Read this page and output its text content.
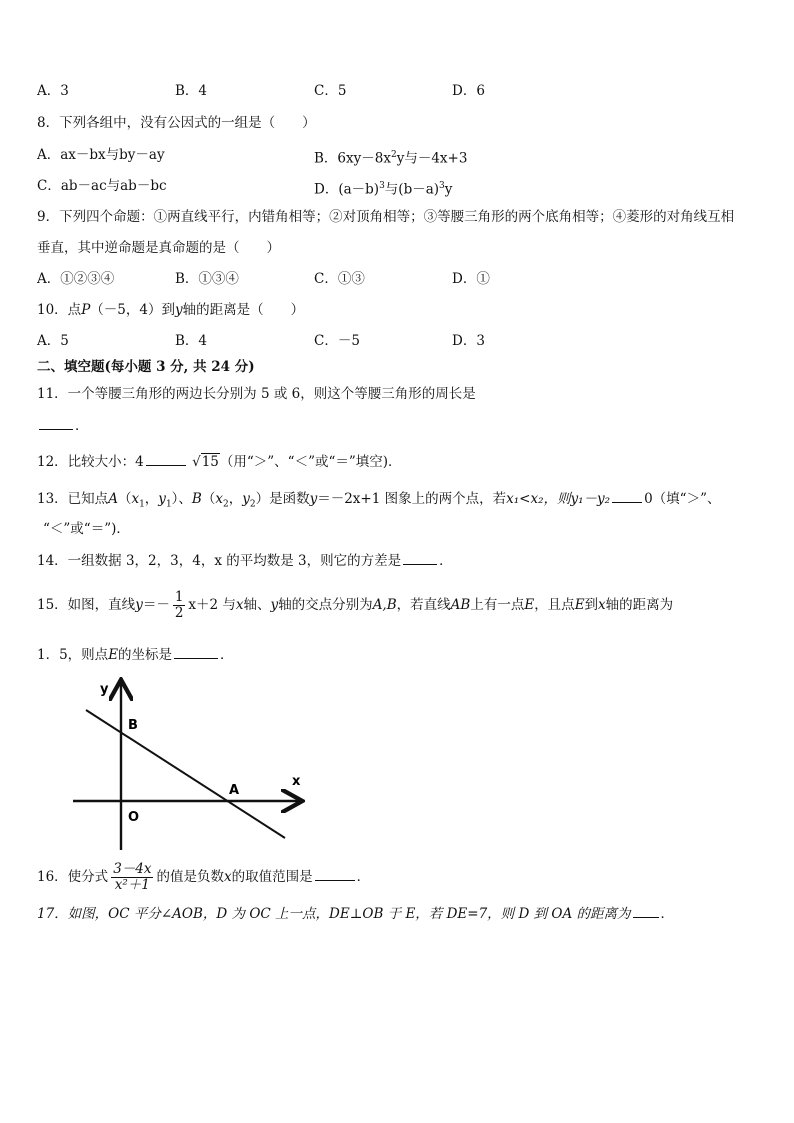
A．3	B．4	C．5	D．6
8．下列各组中，没有公因式的一组是（　　）
A．ax－bx与by－ay	B．$6xy-8x^2y$与－4x+3
C．ab－ac与ab－bc	D．$(a-b)^3$与$(b-a)^3y$
9．下列四个命题：①两直线平行，内错角相等；②对顶角相等；③等腰三角形的两个底角相等；④菱形的对角线互相
垂直，其中逆命题是真命题的是（　　）
A．①②③④	B．①③④	C．①③	D．①
10．点P（－5，4）到y轴的距离是（　　）
A．5	B．4	C．－5	D．3
二、填空题(每小题 3 分, 共 24 分)
11．一个等腰三角形的两边长分别为 5 或 6，则这个等腰三角形的周长是
．
12．比较大小：4	√15（用“＞”、“＜”或“＝”填空)．
13．已知点$A(x_1$，$y_1$）、$B(x_2$，$y_2$）是函数y＝－2x+1 图象上的两个点，若x₁<x₂，则y₁－y₂	0（填“＞”、
“＜”或“＝”)．
14．一组数据 3，2，3，4，x 的平均数是 3，则它的方差是	．
15．如图，直线$y=- \frac{1}{2} x+2$ 与x轴、y轴的交点分别为A,B，若直线AB上有一点E，且点E到x轴的距离为
1．5，则点E的坐标是	．
y
x
B
A
O
16．使分式 $\frac{3-4x}{\text{x²＋1}}$ 的值是负数x的取值范围是	．
17．如图，OC 平分∠AOB，D 为 OC 上一点，DE⊥OB 于 E，若 DE=7，则 D 到 OA 的距离为 ．
